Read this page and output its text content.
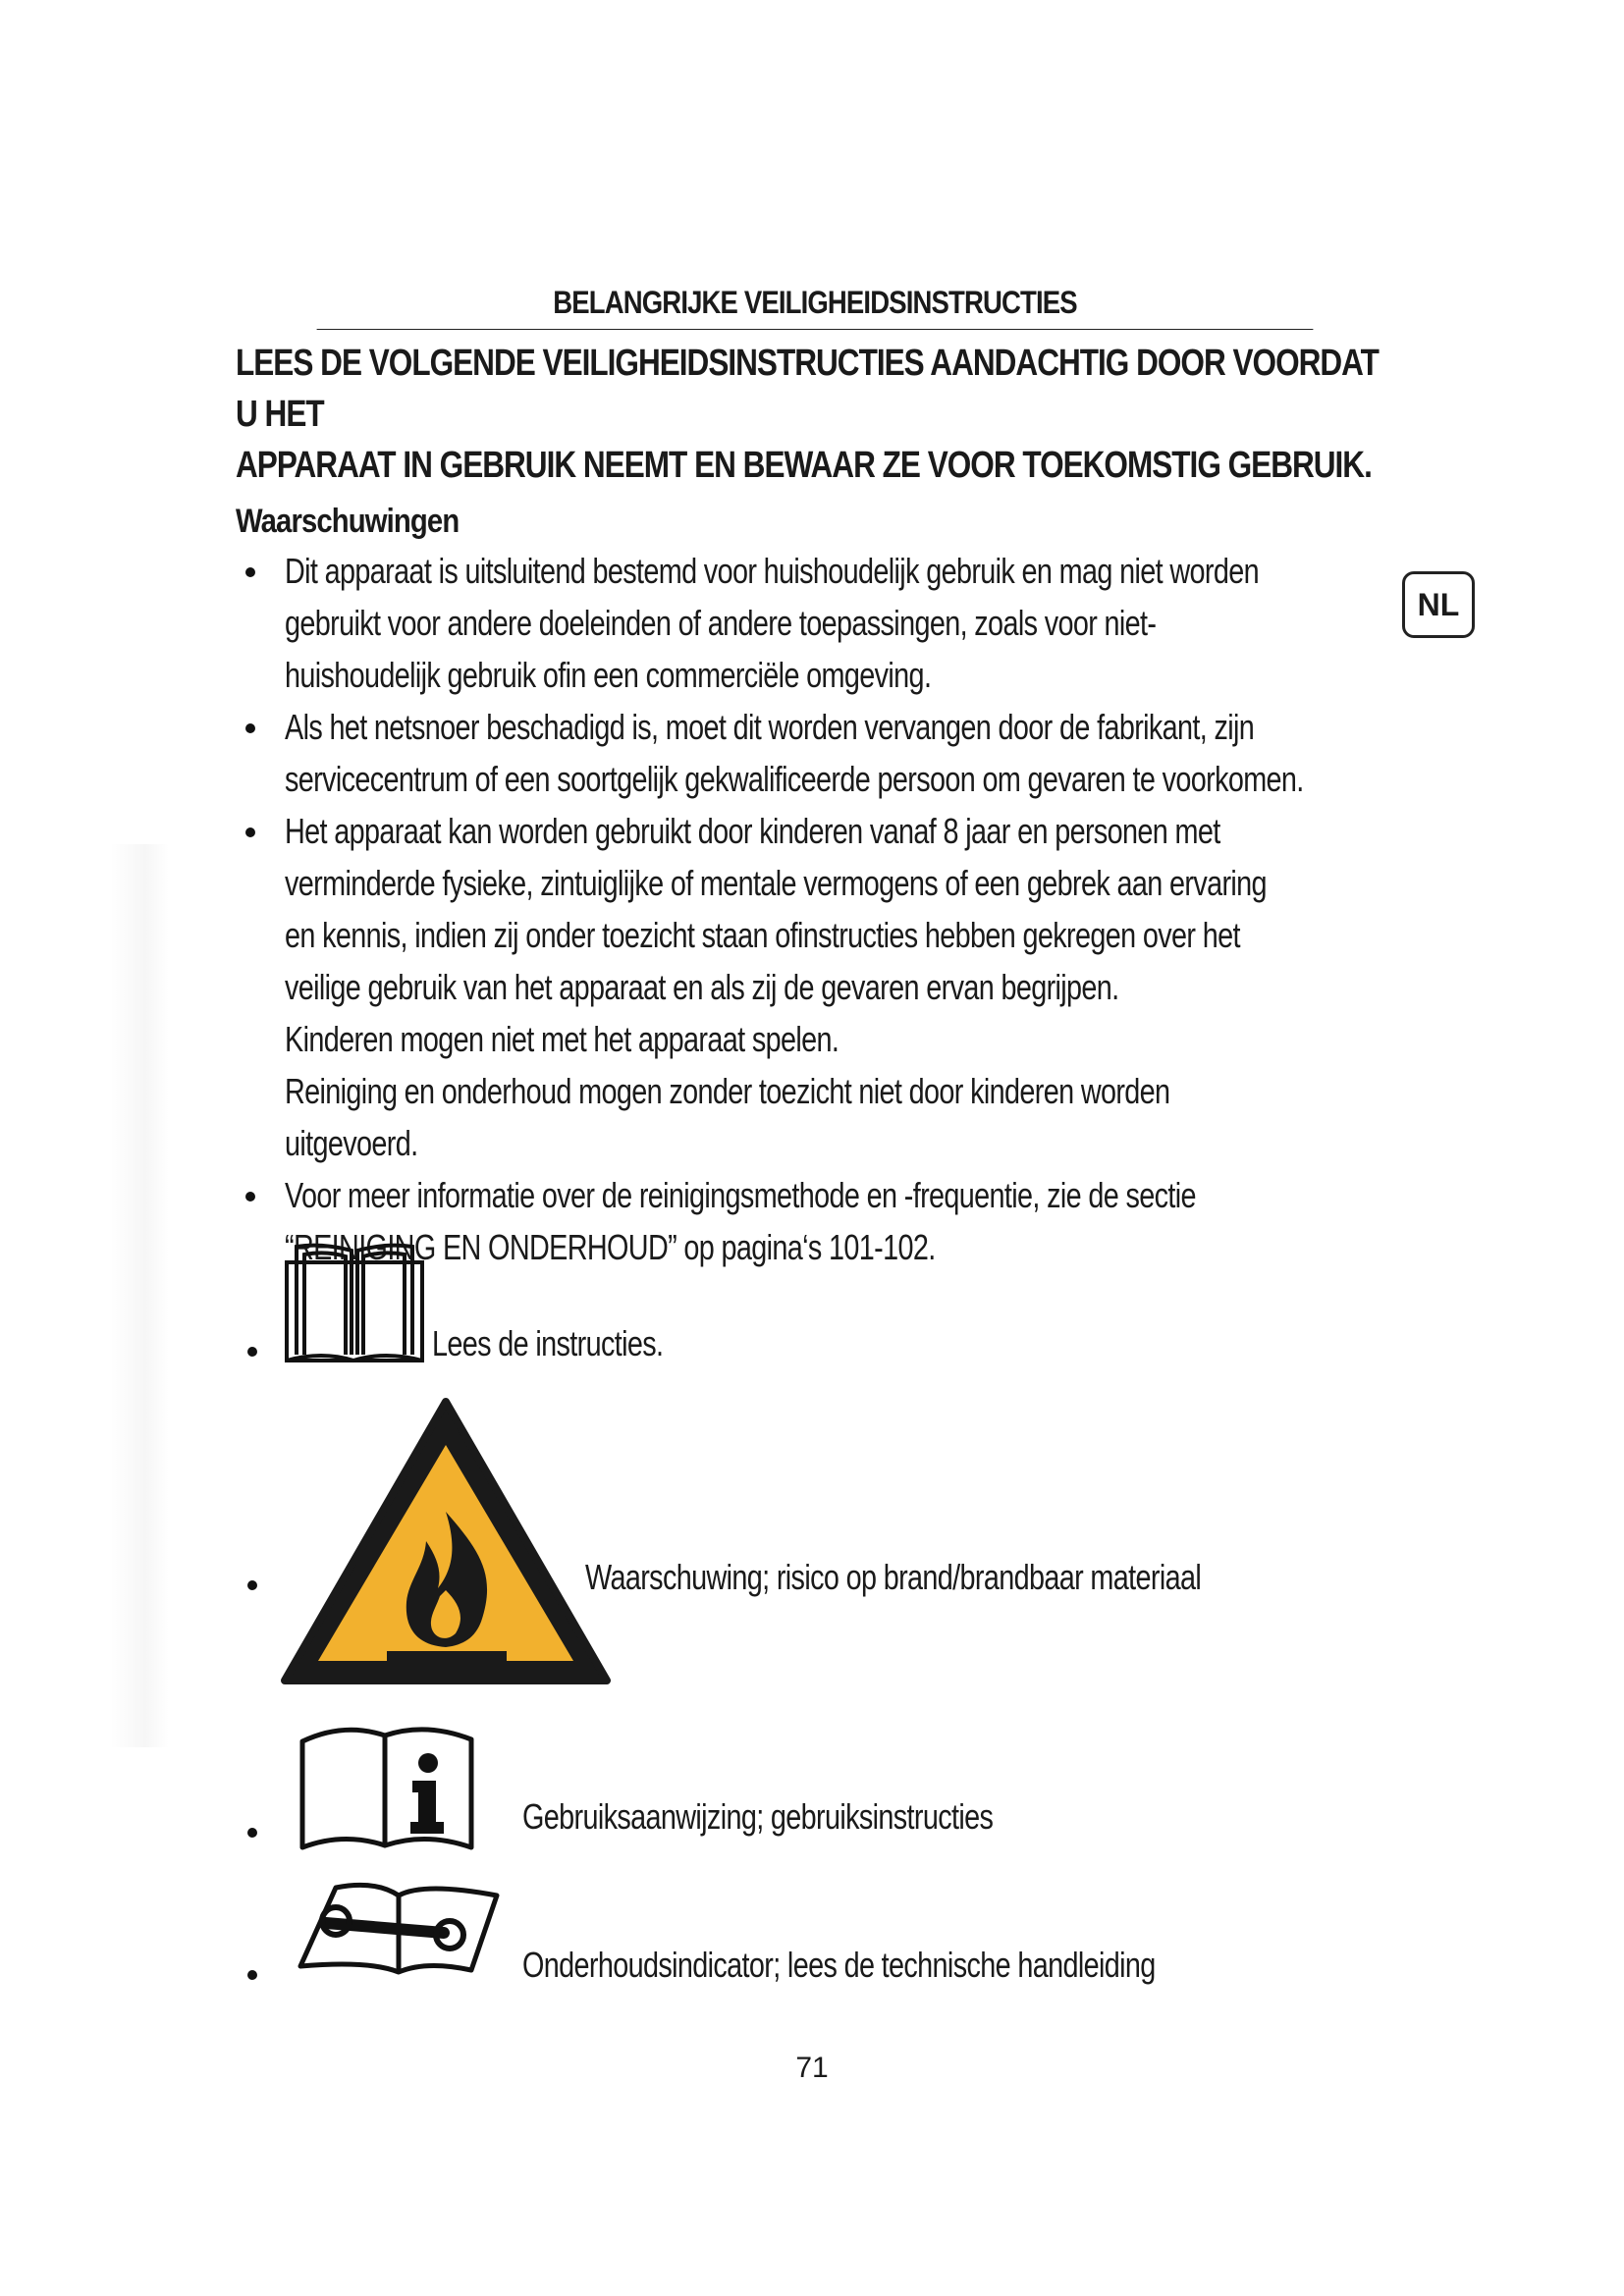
BELANGRIJKE VEILIGHEIDSINSTRUCTIES
LEES DE VOLGENDE VEILIGHEIDSINSTRUCTIES AANDACHTIG DOOR VOORDAT U HET
APPARAAT IN GEBRUIK NEEMT EN BEWAAR ZE VOOR TOEKOMSTIG GEBRUIK.
Waarschuwingen
Dit apparaat is uitsluitend bestemd voor huishoudelijk gebruik en mag niet worden
gebruikt voor andere doeleinden of andere toepassingen, zoals voor niet-
huishoudelijk gebruik ofin een commerciële omgeving.
Als het netsnoer beschadigd is, moet dit worden vervangen door de fabrikant, zijn
servicecentrum of een soortgelijk gekwalificeerde persoon om gevaren te voorkomen.
Het apparaat kan worden gebruikt door kinderen vanaf 8 jaar en personen met
verminderde fysieke, zintuiglijke of mentale vermogens of een gebrek aan ervaring
en kennis, indien zij onder toezicht staan ofinstructies hebben gekregen over het
veilige gebruik van het apparaat en als zij de gevaren ervan begrijpen.
Kinderen mogen niet met het apparaat spelen.
Reiniging en onderhoud mogen zonder toezicht niet door kinderen worden
uitgevoerd.
Voor meer informatie over de reinigingsmethode en -frequentie, zie de sectie
“REINIGING EN ONDERHOUD” op pagina‘s 101-102.
NL
Lees de instructies.
Waarschuwing; risico op brand/brandbaar materiaal
Gebruiksaanwijzing; gebruiksinstructies
Onderhoudsindicator; lees de technische handleiding
71
